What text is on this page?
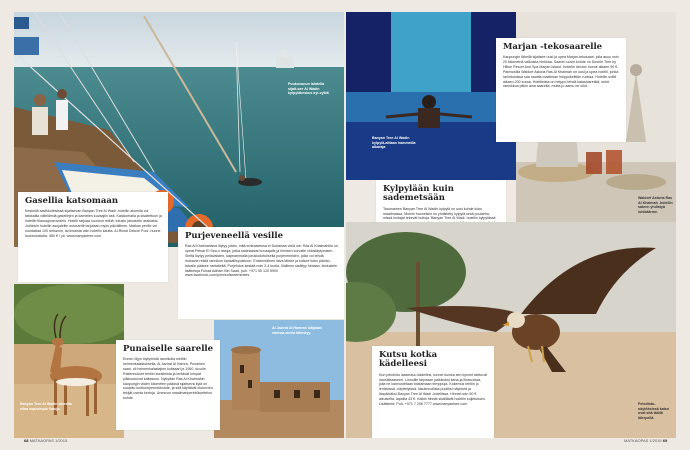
Puukuvunun lahdella sijait-see Al Wadin kylpyläkeskus kyl-vylöä
Gasellia katsomaan

Keskellä aavikkoleisissä sijaitsevan Banyan Tree Al Wadi -hotellin alueella voi tarkkailla villieläimiä gasellejen ja kamelien kuvaajiin asti. Kaskiomalla ja kisatettuun ja hotellin tilausajoneuvoihin. Hotelli tarjoaa luonnon retkiä, tutustu jakoiselle arabiaksi. Joihinkin hotellin asujaleille ostosreitit tarjotaan myös päivällinen. Matkan perille voi noudattaa 100 dirhamin, tai ilmaista vain hotellin kautta. Al-Rimal Deluxe Pool -huone tuokiohoidolla. 480 € / yö. www.banyantree.com	Purjeveneellä vesille

Ras Al Khaimahissa löytyy jotain, mitä emiraateissa ei Dubaissa vielä ole: Ras Al Khaimahilla on upeat Pelsar El Sea-n aivoja, jotka sadetaavat kuvaajalle ja ihmisen korvalle virkistäytymisen. Sieltä löytyy pellavaisten, kapeammalla jorukiodotuksella purjeveneiden, joilla voi tehdä mukavia retkiä rannikon kansallispuistoon. Ensimmäinen laiva lähtee ja kulkee koko päivän, laivalle pääsee rantatieltä. Purjehdus kestää noin 2-4 tuntia. Illallinen sisältyy hintaan, tiedustele lisätietoja Fuhad Adham Bin Saad, puh. +971 55 120 5900 www.facebook.com/princeofseaemirates

Banyan Tree Al Wadin alueella ellaa sopivimpia lintuja.
Al Jazirat Al Hamran lahjaaan vanhaa ateria lähestyy.
Punaiselle saarelle

Ennen öljyn löytymistä rannikolla elettiin helmenkalastuksella. Al Jazirat Al Hamra, Punainen saari, oli helmenkalastajien kotisaari ja 1950 -luvulle. Rakennukset tehtiin koralleista ja lentävät lumpat pilkkoutuivat kaltasuun. Nykyään Ras Al Khaimahin kaupungin viiden kilometrin päässä sijaitseva kylä on suojeltu kulttuuriperintökohde, ja sitä käyttävät elokuvien tekijät useita kertoja. Unescon maailmanperintöluettelon kohde.

Banyan Tree Al Wadin kylpylä-alttaan hammeilla aikaraja
Waldorf Astoria Ras Al Khaimah -hotellin sateen yhdistyä lohikäärme.
Marjan -tekosaarelle

Kaupungin lähellä sijaitsee uusi ja upea Marjan-tekosaari, jolla asuu noin 20 kilometriä valkoista hiekkaa. Saaren uusin kohde on Double Tree by Hilton Resort And Spa Marjan Island. Hotellin deluxe-huone alkaen 90 €. Palmuisilla Waldorf Astoria Ras Al Khaimah on uusi ja upea hotelli, jonka ravintoloissa saa nauttia maailman huippukeittiön ruokaa. Hotellin sviitit alkaen 200 euroa. Hotelleista on helppo tehdä kalastusretkiä, sekä rannikkoa pitkin aina saarelta, mutta jo aamu on ollut.

Kylpylään kuin sademetsään

Tarumainen Banyan Tree Al Wadin kylpylä on uusi kohde koko maailmassa. Moniin huoneisiin on yhdistetty kylpylä sekä puutarha, niissä hoitajat tekevät hoitoja. Banyan Tree Al Wadi -hotellin kylpylässä

Petoilintu-näytöksissä katso ovat sitä täällä lähepellä.
Kutsu kotka kädelleesi

Kun petolintu laskeutuu kädellesi, tunnet kuinka sen kynnet tarttuvat hansikkaaseen. Linnuille tarjotaan palkkioksi kana-ja liharuokaa, jolla ne kannustetaan toistamaan temppuja. Kokemus tehtiin jo lentävissä -näyttelyissä. Nautinnollista puoliksi näytöstä ja iltapäiväksi Banyan Tree Al Wadi -hotellissa. Hinnat noin 50 € aikuiselta, lapsilta 43 €. Kaikki hinnat sisältävät hotellin kuljetuksen. Lisätiedot: Puh. +971 7 206 7777 www.banyantree.com

68 MATKAOPAS 1/2015	MATKAOPAS 1/2015 69
